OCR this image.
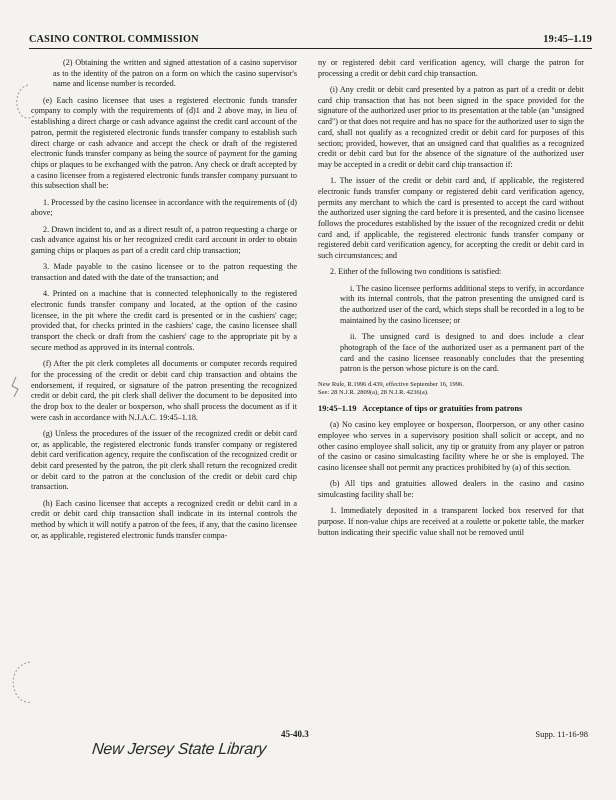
CASINO CONTROL COMMISSION	19:45–1.19

(2) Obtaining the written and signed attestation of a casino supervisor as to the identity of the patron on a form on which the casino supervisor's name and license number is recorded.

(e) Each casino licensee that uses a registered electronic funds transfer company to comply with the requirements of (d)1 and 2 above may, in lieu of establishing a direct charge or cash advance against the credit card account of the patron, permit the registered electronic funds transfer company to establish such direct charge or cash advance and accept the check or draft of the registered electronic funds transfer company as being the source of payment for the gaming chips or plaques to be exchanged with the patron. Any check or draft accepted by a casino licensee from a registered electronic funds transfer company pursuant to this subsection shall be:

1. Processed by the casino licensee in accordance with the requirements of (d) above;

2. Drawn incident to, and as a direct result of, a patron requesting a charge or cash advance against his or her recognized credit card account in order to obtain gaming chips or plaques as part of a credit card chip transaction;

3. Made payable to the casino licensee or to the patron requesting the transaction and dated with the date of the transaction; and

4. Printed on a machine that is connected telephonically to the registered electronic funds transfer company and located, at the option of the casino licensee, in the pit where the credit card is presented or in the cashiers' cage; provided that, for checks printed in the cashiers' cage, the casino licensee shall transport the check or draft from the cashiers' cage to the appropriate pit by a secure method as approved in its internal controls.

(f) After the pit clerk completes all documents or computer records required for the processing of the credit or debit card chip transaction and obtains the endorsement, if required, or signature of the patron presenting the recognized credit or debit card, the pit clerk shall deliver the document to be deposited into the drop box to the dealer or boxperson, who shall process the document as if it were cash in accordance with N.J.A.C. 19:45–1.18.

(g) Unless the procedures of the issuer of the recognized credit or debit card or, as applicable, the registered electronic funds transfer company or registered debit card verification agency, require the confiscation of the recognized credit or debit card presented by the patron, the pit clerk shall return the recognized credit or debit card to the patron at the conclusion of the credit or debit card chip transaction.

(h) Each casino licensee that accepts a recognized credit or debit card in a credit or debit card chip transaction shall indicate in its internal controls the method by which it will notify a patron of the fees, if any, that the casino licensee or, as applicable, registered electronic funds transfer compa-

ny or registered debit card verification agency, will charge the patron for processing a credit or debit card chip transaction.

(i) Any credit or debit card presented by a patron as part of a credit or debit card chip transaction that has not been signed in the space provided for the signature of the authorized user prior to its presentation at the table (an "unsigned card") or that does not require and has no space for the authorized user to sign the card, shall not qualify as a recognized credit or debit card for purposes of this section; provided, however, that an unsigned card that qualifies as a recognized credit or debit card but for the absence of the signature of the authorized user may be accepted in a credit or debit card chip transaction if:

1. The issuer of the credit or debit card and, if applicable, the registered electronic funds transfer company or registered debit card verification agency, permits any merchant to which the card is presented to accept the card without the authorized user signing the card before it is presented, and the casino licensee follows the procedures established by the issuer of the recognized credit or debit card and, if applicable, the registered electronic funds transfer company or registered debit card verification agency, for accepting the credit or debit card in such circumstances; and

2. Either of the following two conditions is satisfied:

i. The casino licensee performs additional steps to verify, in accordance with its internal controls, that the patron presenting the unsigned card is the authorized user of the card, which steps shall be recorded in a log to be maintained by the casino licensee; or

ii. The unsigned card is designed to and does include a clear photograph of the face of the authorized user as a permanent part of the card and the casino licensee reasonably concludes that the presenting patron is the person whose picture is on the card.

New Rule, R.1996 d.439, effective September 16, 1996.
See: 28 N.J.R. 2809(a), 28 N.J.R. 4236(a).

19:45–1.19 Acceptance of tips or gratuities from patrons

(a) No casino key employee or boxperson, floorperson, or any other casino employee who serves in a supervisory position shall solicit or accept, and no other casino employee shall solicit, any tip or gratuity from any player or patron of the casino or casino simulcasting facility where he or she is employed. The casino licensee shall not permit any practices prohibited by (a) of this section.

(b) All tips and gratuities allowed dealers in the casino and casino simulcasting facility shall be:

1. Immediately deposited in a transparent locked box reserved for that purpose. If non-value chips are received at a roulette or pokette table, the marker button indicating their specific value shall not be removed until

45-40.3	Supp. 11-16-98
New Jersey State Library
